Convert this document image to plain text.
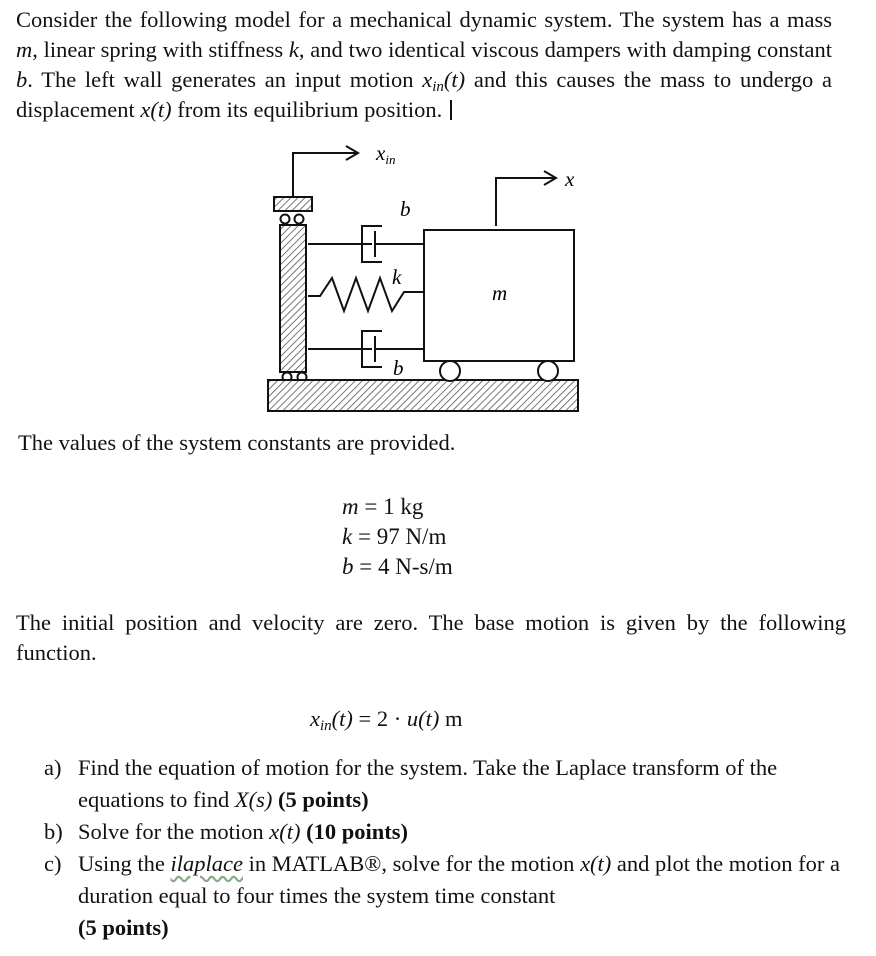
Consider the following model for a mechanical dynamic system. The system has a mass m, linear spring with stiffness k, and two identical viscous dampers with damping constant b. The left wall generates an input motion $x_{in}(t)$ and this causes the mass to undergo a displacement x(t) from its equilibrium position.
xin
x
b
k
b
m
The values of the system constants are provided.
m = 1 kg
k = 97 N/m
b = 4 N-s/m
The initial position and velocity are zero. The base motion is given by the following function.
$x_{in}(t) = 2 \cdot u(t)$ m
a) Find the equation of motion for the system. Take the Laplace transform of the equations to find X(s) (5 points)
b) Solve for the motion x(t) (10 points)
c) Using the ilaplace in MATLAB®, solve for the motion x(t) and plot the motion for a duration equal to four times the system time constant
(5 points)
